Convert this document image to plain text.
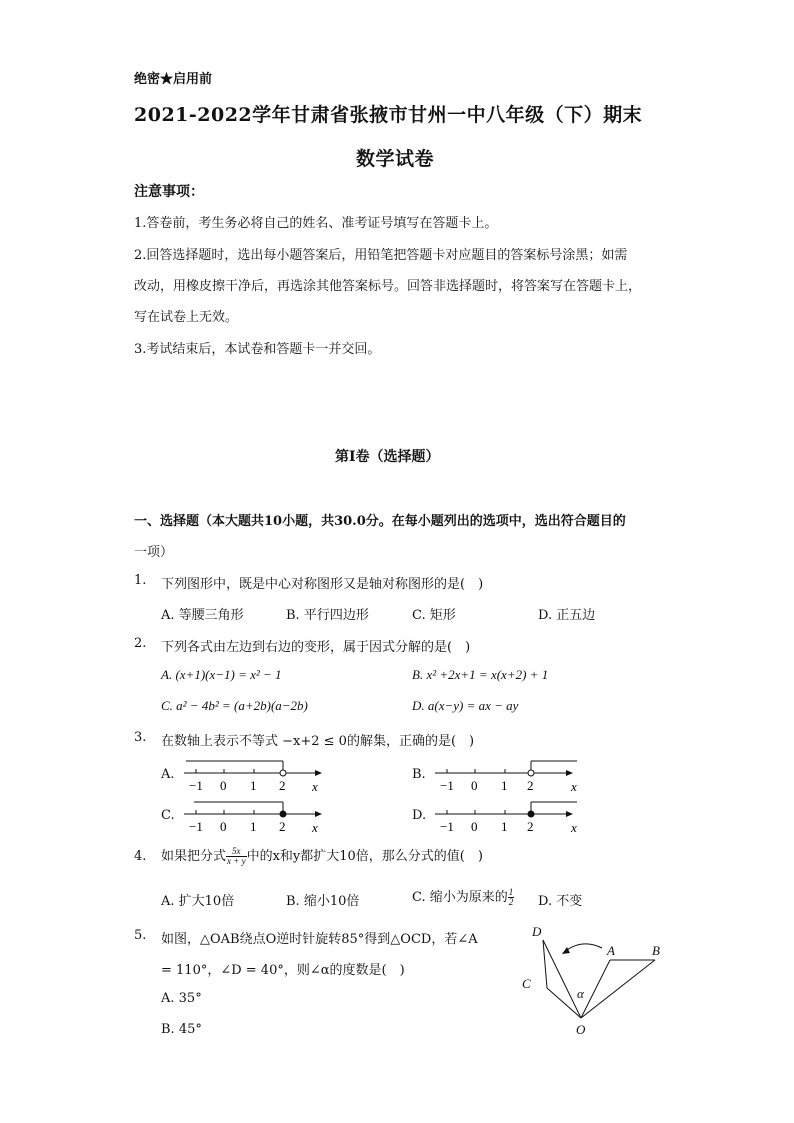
绝密★启用前
2021-2022学年甘肃省张掖市甘州一中八年级（下）期末
数学试卷
注意事项：
1.答卷前，考生务必将自己的姓名、准考证号填写在答题卡上。
2.回答选择题时，选出每小题答案后，用铅笔把答题卡对应题目的答案标号涂黑；如需
改动，用橡皮擦干净后，再选涂其他答案标号。回答非选择题时，将答案写在答题卡上，
写在试卷上无效。
3.考试结束后，本试卷和答题卡一并交回。
第Ⅰ卷（选择题）
一、选择题（本大题共10小题，共30.0分。在每小题列出的选项中，选出符合题目的
一项）
1. 下列图形中，既是中心对称图形又是轴对称图形的是(　)
A. 等腰三角形	B. 平行四边形	C. 矩形	D. 正五边
2. 下列各式由左边到右边的变形，属于因式分解的是(　)
A. (x+1)(x−1) = x² − 1	B. x² +2x+1 = x(x+2) + 1
C. a² − 4b² = (a+2b)(a−2b)	D. a(x−y) = ax − ay
3. 在数轴上表示不等式 −x+2 ≤ 0的解集，正确的是(　)
A.
−1 0 1 2 x
B.
−1 0 1 2	x
C.
−1 0 1 2 x
D.
−1 0 1 2	x
4. 如果把分式 $\frac{5x}{x + y}$ 中的x和y都扩大10倍，那么分式的值(　)
A. 扩大10倍	B. 缩小10倍	C. 缩小为原来的 $\frac{1}{2} D$. 不变
5. 如图，△OAB绕点O逆时针旋转85°得到△OCD，若∠A
= 110°，∠D = 40°，则∠α的度数是(　)
A. 35°
B. 45°
D
A	B
C
O
α
